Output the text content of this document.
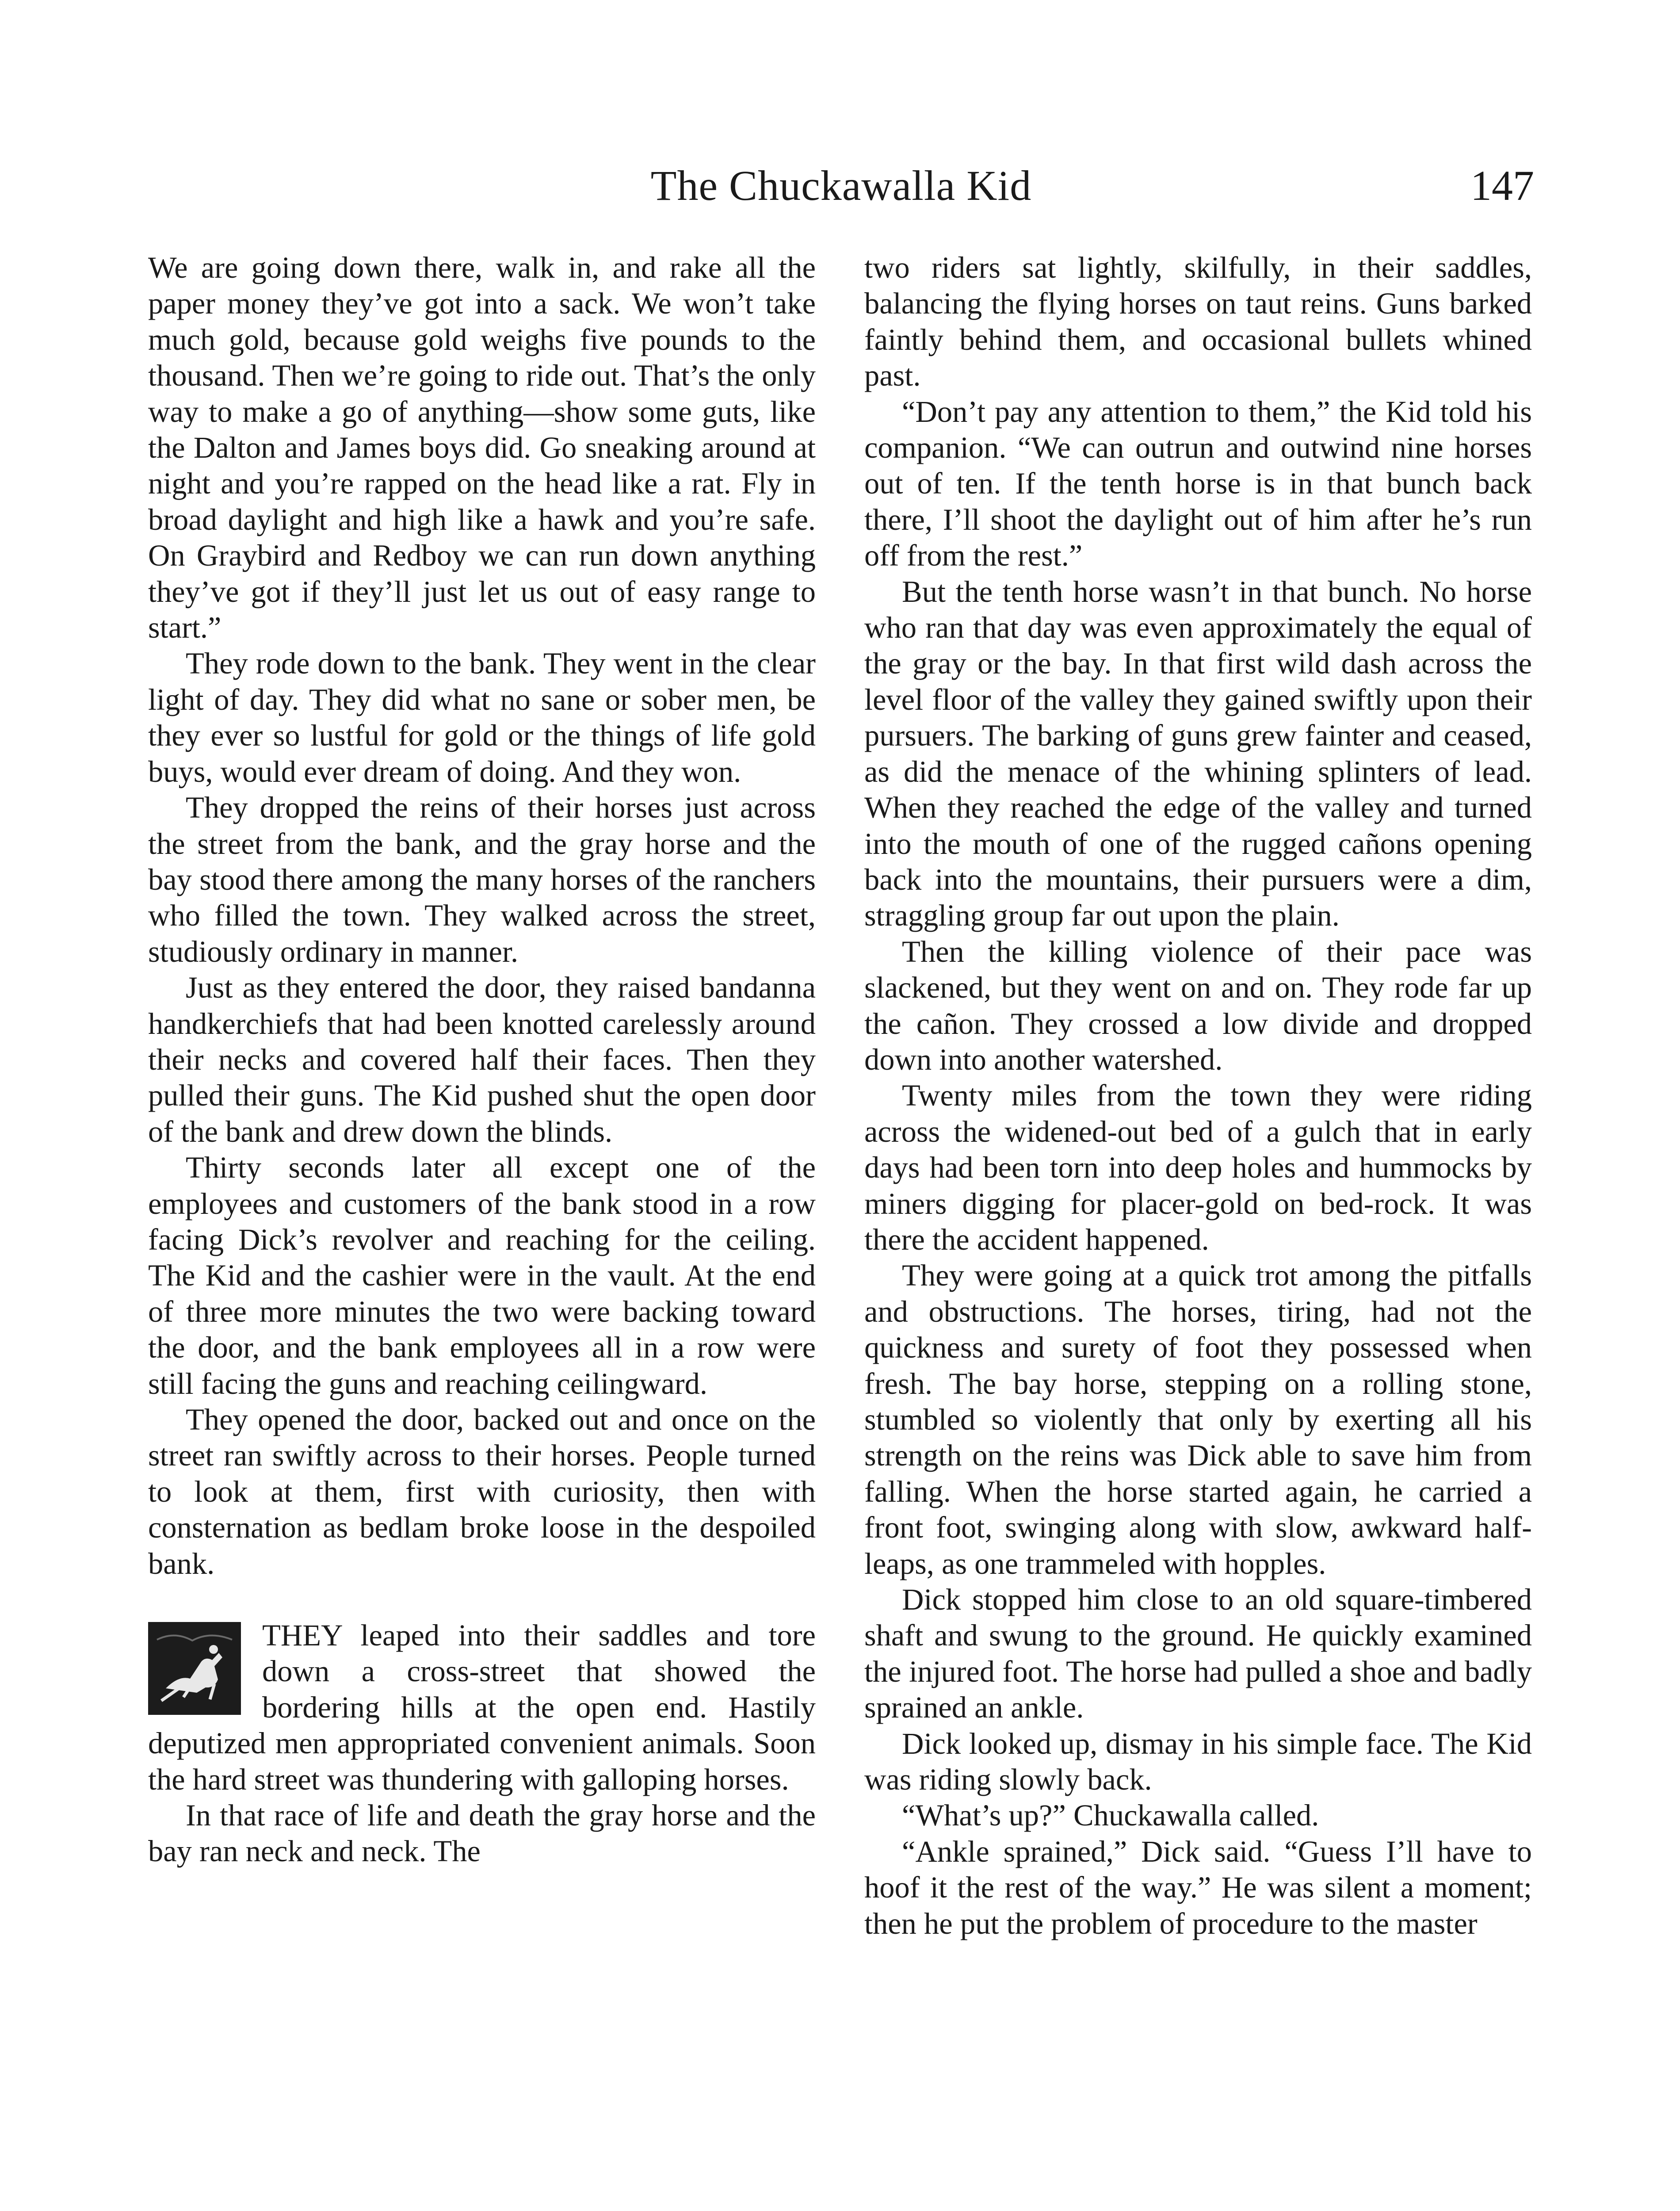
The Chuckawalla Kid	147

We are going down there, walk in, and rake all the paper money they’ve got into a sack. We won’t take much gold, because gold weighs five pounds to the thousand. Then we’re going to ride out. That’s the only way to make a go of anything—show some guts, like the Dalton and James boys did. Go sneaking around at night and you’re rapped on the head like a rat. Fly in broad daylight and high like a hawk and you’re safe. On Graybird and Redboy we can run down anything they’ve got if they’ll just let us out of easy range to start.”

They rode down to the bank. They went in the clear light of day. They did what no sane or sober men, be they ever so lustful for gold or the things of life gold buys, would ever dream of doing. And they won.

They dropped the reins of their horses just across the street from the bank, and the gray horse and the bay stood there among the many horses of the ranchers who filled the town. They walked across the street, studiously ordinary in manner.

Just as they entered the door, they raised bandanna handkerchiefs that had been knotted carelessly around their necks and covered half their faces. Then they pulled their guns. The Kid pushed shut the open door of the bank and drew down the blinds.

Thirty seconds later all except one of the employees and customers of the bank stood in a row facing Dick’s revolver and reaching for the ceiling. The Kid and the cashier were in the vault. At the end of three more minutes the two were backing toward the door, and the bank employees all in a row were still facing the guns and reaching ceilingward.

They opened the door, backed out and once on the street ran swiftly across to their horses. People turned to look at them, first with curiosity, then with consternation as bedlam broke loose in the despoiled bank.

THEY leaped into their saddles and tore down a cross-street that showed the bordering hills at the open end. Hastily deputized men appropriated convenient animals. Soon the hard street was thundering with galloping horses.

In that race of life and death the gray horse and the bay ran neck and neck. The

two riders sat lightly, skilfully, in their saddles, balancing the flying horses on taut reins. Guns barked faintly behind them, and occasional bullets whined past.

“Don’t pay any attention to them,” the Kid told his companion. “We can outrun and outwind nine horses out of ten. If the tenth horse is in that bunch back there, I’ll shoot the daylight out of him after he’s run off from the rest.”

But the tenth horse wasn’t in that bunch. No horse who ran that day was even approximately the equal of the gray or the bay. In that first wild dash across the level floor of the valley they gained swiftly upon their pursuers. The barking of guns grew fainter and ceased, as did the menace of the whining splinters of lead. When they reached the edge of the valley and turned into the mouth of one of the rugged cañons opening back into the mountains, their pursuers were a dim, straggling group far out upon the plain.

Then the killing violence of their pace was slackened, but they went on and on. They rode far up the cañon. They crossed a low divide and dropped down into another watershed.

Twenty miles from the town they were riding across the widened-out bed of a gulch that in early days had been torn into deep holes and hummocks by miners digging for placer-gold on bed-rock. It was there the accident happened.

They were going at a quick trot among the pitfalls and obstructions. The horses, tiring, had not the quickness and surety of foot they possessed when fresh. The bay horse, stepping on a rolling stone, stumbled so violently that only by exerting all his strength on the reins was Dick able to save him from falling. When the horse started again, he carried a front foot, swinging along with slow, awkward half-leaps, as one trammeled with hopples.

Dick stopped him close to an old square-timbered shaft and swung to the ground. He quickly examined the injured foot. The horse had pulled a shoe and badly sprained an ankle.

Dick looked up, dismay in his simple face. The Kid was riding slowly back.

“What’s up?” Chuckawalla called.

“Ankle sprained,” Dick said. “Guess I’ll have to hoof it the rest of the way.” He was silent a moment; then he put the problem of procedure to the master
